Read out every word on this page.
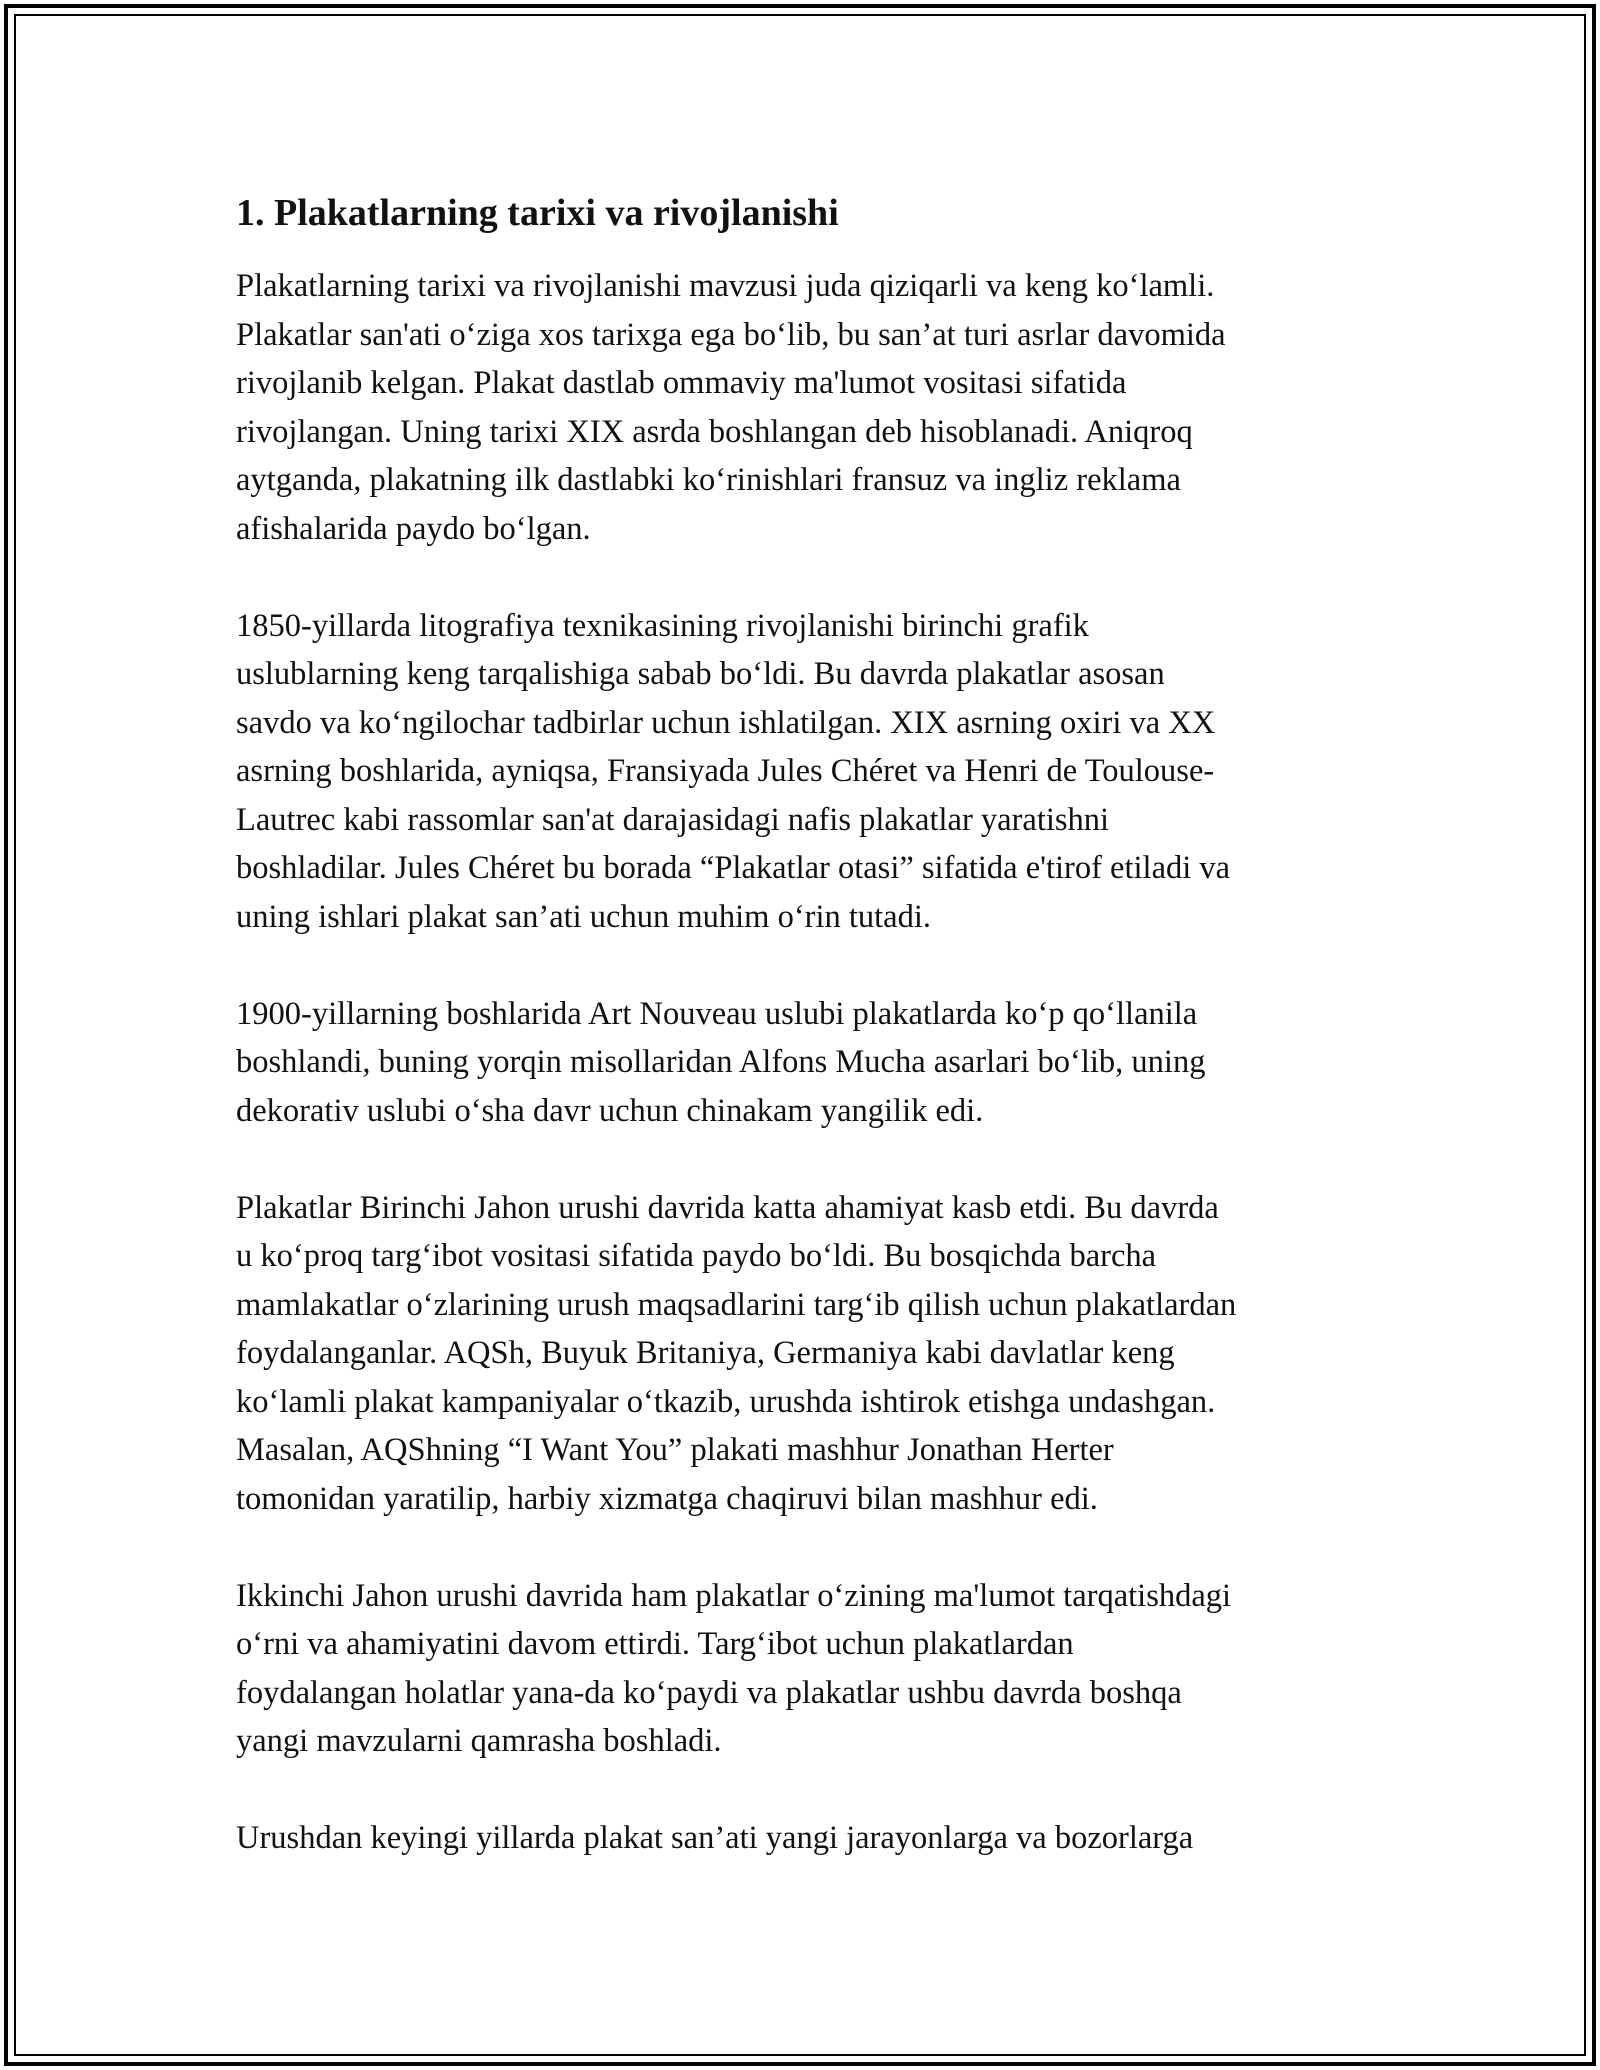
1. Plakatlarning tarixi va rivojlanishi

Plakatlarning tarixi va rivojlanishi mavzusi juda qiziqarli va keng ko‘lamli.
Plakatlar san'ati o‘ziga xos tarixga ega bo‘lib, bu san’at turi asrlar davomida
rivojlanib kelgan. Plakat dastlab ommaviy ma'lumot vositasi sifatida
rivojlangan. Uning tarixi XIX asrda boshlangan deb hisoblanadi. Aniqroq
aytganda, plakatning ilk dastlabki ko‘rinishlari fransuz va ingliz reklama
afishalarida paydo bo‘lgan.

1850-yillarda litografiya texnikasining rivojlanishi birinchi grafik
uslublarning keng tarqalishiga sabab bo‘ldi. Bu davrda plakatlar asosan
savdo va ko‘ngilochar tadbirlar uchun ishlatilgan. XIX asrning oxiri va XX
asrning boshlarida, ayniqsa, Fransiyada Jules Chéret va Henri de Toulouse-
Lautrec kabi rassomlar san'at darajasidagi nafis plakatlar yaratishni
boshladilar. Jules Chéret bu borada “Plakatlar otasi” sifatida e'tirof etiladi va
uning ishlari plakat san’ati uchun muhim o‘rin tutadi.

1900-yillarning boshlarida Art Nouveau uslubi plakatlarda ko‘p qo‘llanila
boshlandi, buning yorqin misollaridan Alfons Mucha asarlari bo‘lib, uning
dekorativ uslubi o‘sha davr uchun chinakam yangilik edi.

Plakatlar Birinchi Jahon urushi davrida katta ahamiyat kasb etdi. Bu davrda
u ko‘proq targ‘ibot vositasi sifatida paydo bo‘ldi. Bu bosqichda barcha
mamlakatlar o‘zlarining urush maqsadlarini targ‘ib qilish uchun plakatlardan
foydalanganlar. AQSh, Buyuk Britaniya, Germaniya kabi davlatlar keng
ko‘lamli plakat kampaniyalar o‘tkazib, urushda ishtirok etishga undashgan.
Masalan, AQShning “I Want You” plakati mashhur Jonathan Herter
tomonidan yaratilip, harbiy xizmatga chaqiruvi bilan mashhur edi.

Ikkinchi Jahon urushi davrida ham plakatlar o‘zining ma'lumot tarqatishdagi
o‘rni va ahamiyatini davom ettirdi. Targ‘ibot uchun plakatlardan
foydalangan holatlar yana-da ko‘paydi va plakatlar ushbu davrda boshqa
yangi mavzularni qamrasha boshladi.

Urushdan keyingi yillarda plakat san’ati yangi jarayonlarga va bozorlarga
